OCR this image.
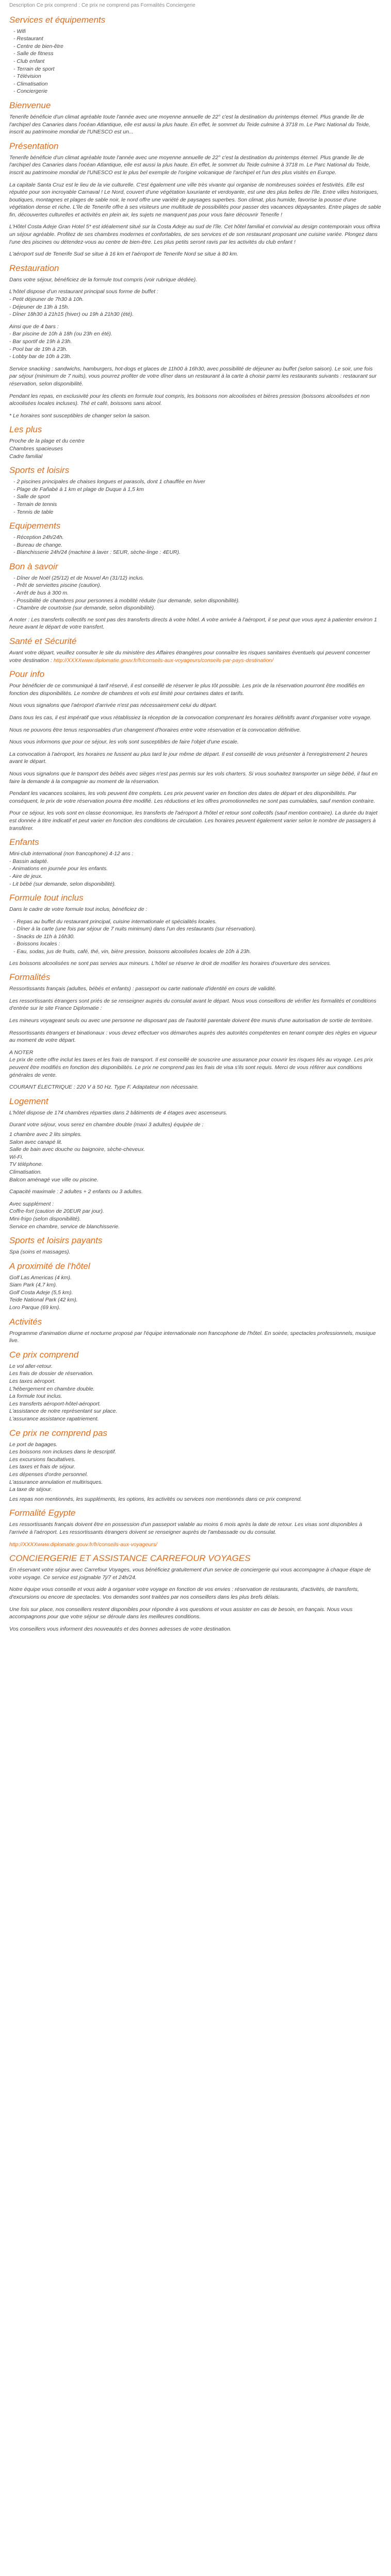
Description Ce prix comprend : Ce prix ne comprend pas Formalités Conciergerie
Services et équipements
- Wifi
- Restaurant
- Centre de bien-être
- Salle de fitness
- Club enfant
- Terrain de sport
- Télévision
- Climatisation
- Conciergerie
Bienvenue

Tenerife bénéficie d'un climat agréable toute l'année avec une moyenne annuelle de 22° c'est la destination du printemps éternel. Plus grande île de l'archipel des Canaries dans l'océan Atlantique, elle est aussi la plus haute. En effet, le sommet du Teide culmine à 3718 m. Le Parc National du Teide, inscrit au patrimoine mondial de l'UNESCO est un...

Présentation

Tenerife bénéficie d'un climat agréable toute l'année avec une moyenne annuelle de 22° c'est la destination du printemps éternel. Plus grande île de l'archipel des Canaries dans l'océan Atlantique, elle est aussi la plus haute. En effet, le sommet du Teide culmine à 3718 m. Le Parc National du Teide, inscrit au patrimoine mondial de l'UNESCO est le plus bel exemple de l'origine volcanique de l'archipel et l'un des plus visités en Europe.

La capitale Santa Cruz est le lieu de la vie culturelle. C'est également une ville très vivante qui organise de nombreuses soirées et festivités. Elle est réputée pour son incroyable Carnaval ! Le Nord, couvert d'une végétation luxuriante et verdoyante, est une des plus belles de l'île. Entre villes historiques, boutiques, montagnes et plages de sable noir, le nord offre une variété de paysages superbes. Son climat, plus humide, favorise la pousse d'une végétation dense et riche. L'île de Tenerife offre à ses visiteurs une multitude de possibilités pour passer des vacances dépaysantes. Entre plages de sable fin, découvertes culturelles et activités en plein air, les sujets ne manquent pas pour vous faire découvrir Tenerife !

L'Hôtel Costa Adeje Gran Hotel 5* est idéalement situé sur la Costa Adeje au sud de l'île. Cet hôtel familial et convivial au design contemporain vous offrira un séjour agréable. Profitez de ses chambres modernes et confortables, de ses services et de son restaurant proposant une cuisine variée. Plongez dans l'une des piscines ou détendez-vous au centre de bien-être. Les plus petits seront ravis par les activités du club enfant !

L'aéroport sud de Tenerife Sud se situe à 16 km et l'aéroport de Tenerife Nord se situe à 80 km.

Restauration

Dans votre séjour, bénéficiez de la formule tout compris (voir rubrique dédiée).

L'hôtel dispose d'un restaurant principal sous forme de buffet :

- Petit déjeuner de 7h30 à 10h.
- Déjeuner de 13h à 15h.
- Dîner 18h30 à 21h15 (hiver) ou 19h à 21h30 (été).

Ainsi que de 4 bars :

- Bar piscine de 10h à 18h (ou 23h en été).
- Bar sportif de 19h à 23h.
- Pool bar de 19h à 23h.
- Lobby bar de 10h à 23h.

Service snacking : sandwichs, hamburgers, hot-dogs et glaces de 11h00 à 16h30, avec possibilité de déjeuner au buffet (selon saison). Le soir, une fois par séjour (minimum de 7 nuits), vous pourrez profiter de votre dîner dans un restaurant à la carte à choisir parmi les restaurants suivants : restaurant sur réservation, selon disponibilité.

Pendant les repas, en exclusivité pour les clients en formule tout compris, les boissons non alcoolisées et bières pression (boissons alcoolisées et non alcoolisées locales incluses). Thé et café, boissons sans alcool.

* Le horaires sont susceptibles de changer selon la saison.

Les plus
Proche de la plage et du centre
Chambres spacieuses
Cadre familial
Sports et loisirs
- 2 piscines principales de chaises longues et parasols, dont 1 chauffée en hiver
- Plage de Fañabé à 1 km et plage de Duque à 1,5 km
- Salle de sport
- Terrain de tennis
- Tennis de table
Equipements
- Réception 24h/24h.
- Bureau de change.
- Blanchisserie 24h/24 (machine à laver : 5EUR, sèche-linge : 4EUR).
Bon à savoir
- Dîner de Noël (25/12) et de Nouvel An (31/12) inclus.
- Prêt de serviettes piscine (caution).
- Arrêt de bus à 300 m.
- Possibilité de chambres pour personnes à mobilité réduite (sur demande, selon disponibilité).
- Chambre de courtoisie (sur demande, selon disponibilité).

A noter : Les transferts collectifs ne sont pas des transferts directs à votre hôtel. A votre arrivée à l'aéroport, il se peut que vous ayez à patienter environ 1 heure avant le départ de votre transfert.

Santé et Sécurité

Avant votre départ, veuillez consulter le site du ministère des Affaires étrangères pour connaître les risques sanitaires éventuels qui peuvent concerner votre destination : http://XXXXwww.diplomatie.gouv.fr/fr/conseils-aux-voyageurs/conseils-par-pays-destination/

Pour info

Pour bénéficier de ce communiqué à tarif réservé, il est conseillé de réserver le plus tôt possible. Les prix de la réservation pourront être modifiés en fonction des disponibilités. Le nombre de chambres et vols est limité pour certaines dates et tarifs.

Nous vous signalons que l'aéroport d'arrivée n'est pas nécessairement celui du départ.

Dans tous les cas, il est impératif que vous rétablissiez la réception de la convocation comprenant les horaires définitifs avant d'organiser votre voyage.

Nous ne pouvons être tenus responsables d'un changement d'horaires entre votre réservation et la convocation définitive.

Nous vous informons que pour ce séjour, les vols sont susceptibles de faire l'objet d'une escale.

La convocation à l'aéroport, les horaires ne fussent au plus tard le jour même de départ. Il est conseillé de vous présenter à l'enregistrement 2 heures avant le départ.

Nous vous signalons que le transport des bébés avec sièges n'est pas permis sur les vols charters. Si vous souhaitez transporter un siège bébé, il faut en faire la demande à la compagnie au moment de la réservation.

Pendant les vacances scolaires, les vols peuvent être complets. Les prix peuvent varier en fonction des dates de départ et des disponibilités. Par conséquent, le prix de votre réservation pourra être modifié. Les réductions et les offres promotionnelles ne sont pas cumulables, sauf mention contraire.

Pour ce séjour, les vols sont en classe économique, les transferts de l'aéroport à l'hôtel et retour sont collectifs (sauf mention contraire). La durée du trajet est donnée à titre indicatif et peut varier en fonction des conditions de circulation. Les horaires peuvent également varier selon le nombre de passagers à transférer.

Enfants
Mini-club international (non francophone) 4-12 ans :
- Bassin adapté.
- Animations en journée pour les enfants.
- Aire de jeux.
- Lit bébé (sur demande, selon disponibilité).
Formule tout inclus

Dans le cadre de votre formule tout inclus, bénéficiez de :

- Repas au buffet du restaurant principal, cuisine internationale et spécialités locales.
- Dîner à la carte (une fois par séjour de 7 nuits minimum) dans l'un des restaurants (sur réservation).
- Snacks de 11h à 16h30.
- Boissons locales :
- Eau, sodas, jus de fruits, café, thé, vin, bière pression, boissons alcoolisées locales de 10h à 23h.

Les boissons alcoolisées ne sont pas servies aux mineurs. L'hôtel se réserve le droit de modifier les horaires d'ouverture des services.

Formalités

Ressortissants français (adultes, bébés et enfants) : passeport ou carte nationale d'identité en cours de validité.

Les ressortissants étrangers sont priés de se renseigner auprès du consulat avant le départ. Nous vous conseillons de vérifier les formalités et conditions d'entrée sur le site France Diplomatie :

Les mineurs voyageant seuls ou avec une personne ne disposant pas de l'autorité parentale doivent être munis d'une autorisation de sortie de territoire.

Ressortissants étrangers et binationaux : vous devez effectuer vos démarches auprès des autorités compétentes en tenant compte des règles en vigueur au moment de votre départ.

A NOTER

Le prix de cette offre inclut les taxes et les frais de transport. Il est conseillé de souscrire une assurance pour couvrir les risques liés au voyage. Les prix peuvent être modifiés en fonction des disponibilités. Le prix ne comprend pas les frais de visa s'ils sont requis. Merci de vous référer aux conditions générales de vente.

COURANT ÉLECTRIQUE : 220 V à 50 Hz. Type F. Adaptateur non nécessaire.

Logement

L'hôtel dispose de 174 chambres réparties dans 2 bâtiments de 4 étages avec ascenseurs.

Durant votre séjour, vous serez en chambre double (maxi 3 adultes) équipée de :

1 chambre avec 2 lits simples.
Salon avec canapé lit.
Salle de bain avec douche ou baignoire, sèche-cheveux.
Wi-Fi.
TV téléphone.
Climatisation.
Balcon aménagé vue ville ou piscine.

Capacité maximale : 2 adultes + 2 enfants ou 3 adultes.

Avec supplément :

Coffre-fort (caution de 20EUR par jour).
Mini-frigo (selon disponibilité).
Service en chambre, service de blanchisserie.
Sports et loisirs payants
Spa (soins et massages).
A proximité de l'hôtel
Golf Las Americas (4 km).
Siam Park (4,7 km).
Golf Costa Adeje (5,5 km).
Teide National Park (42 km).
Loro Parque (69 km).
Activités

Programme d'animation diurne et nocturne proposé par l'équipe internationale non francophone de l'hôtel. En soirée, spectacles professionnels, musique live.

Ce prix comprend
Le vol aller-retour.
Les frais de dossier de réservation.
Les taxes aéroport.
L'hébergement en chambre double.
La formule tout inclus.
Les transferts aéroport-hôtel-aéroport.
L'assistance de notre représentant sur place.
L'assurance assistance rapatriement.
Ce prix ne comprend pas
Le port de bagages.
Les boissons non incluses dans le descriptif.
Les excursions facultatives.
Les taxes et frais de séjour.
Les dépenses d'ordre personnel.
L'assurance annulation et multirisques.
La taxe de séjour.

Les repas non mentionnés, les suppléments, les options, les activités ou services non mentionnés dans ce prix comprend.

Formalité Egypte

Les ressortissants français doivent être en possession d'un passeport valable au moins 6 mois après la date de retour. Les visas sont disponibles à l'arrivée à l'aéroport. Les ressortissants étrangers doivent se renseigner auprès de l'ambassade ou du consulat.

http://XXXXwww.diplomatie.gouv.fr/fr/conseils-aux-voyageurs/

CONCIERGERIE ET ASSISTANCE CARREFOUR VOYAGES

En réservant votre séjour avec Carrefour Voyages, vous bénéficiez gratuitement d'un service de conciergerie qui vous accompagne à chaque étape de votre voyage. Ce service est joignable 7j/7 et 24h/24.

Notre équipe vous conseille et vous aide à organiser votre voyage en fonction de vos envies : réservation de restaurants, d'activités, de transferts, d'excursions ou encore de spectacles. Vos demandes sont traitées par nos conseillers dans les plus brefs délais.

Une fois sur place, nos conseillers restent disponibles pour répondre à vos questions et vous assister en cas de besoin, en français. Nous vous accompagnons pour que votre séjour se déroule dans les meilleures conditions.

Vos conseillers vous informent des nouveautés et des bonnes adresses de votre destination.
